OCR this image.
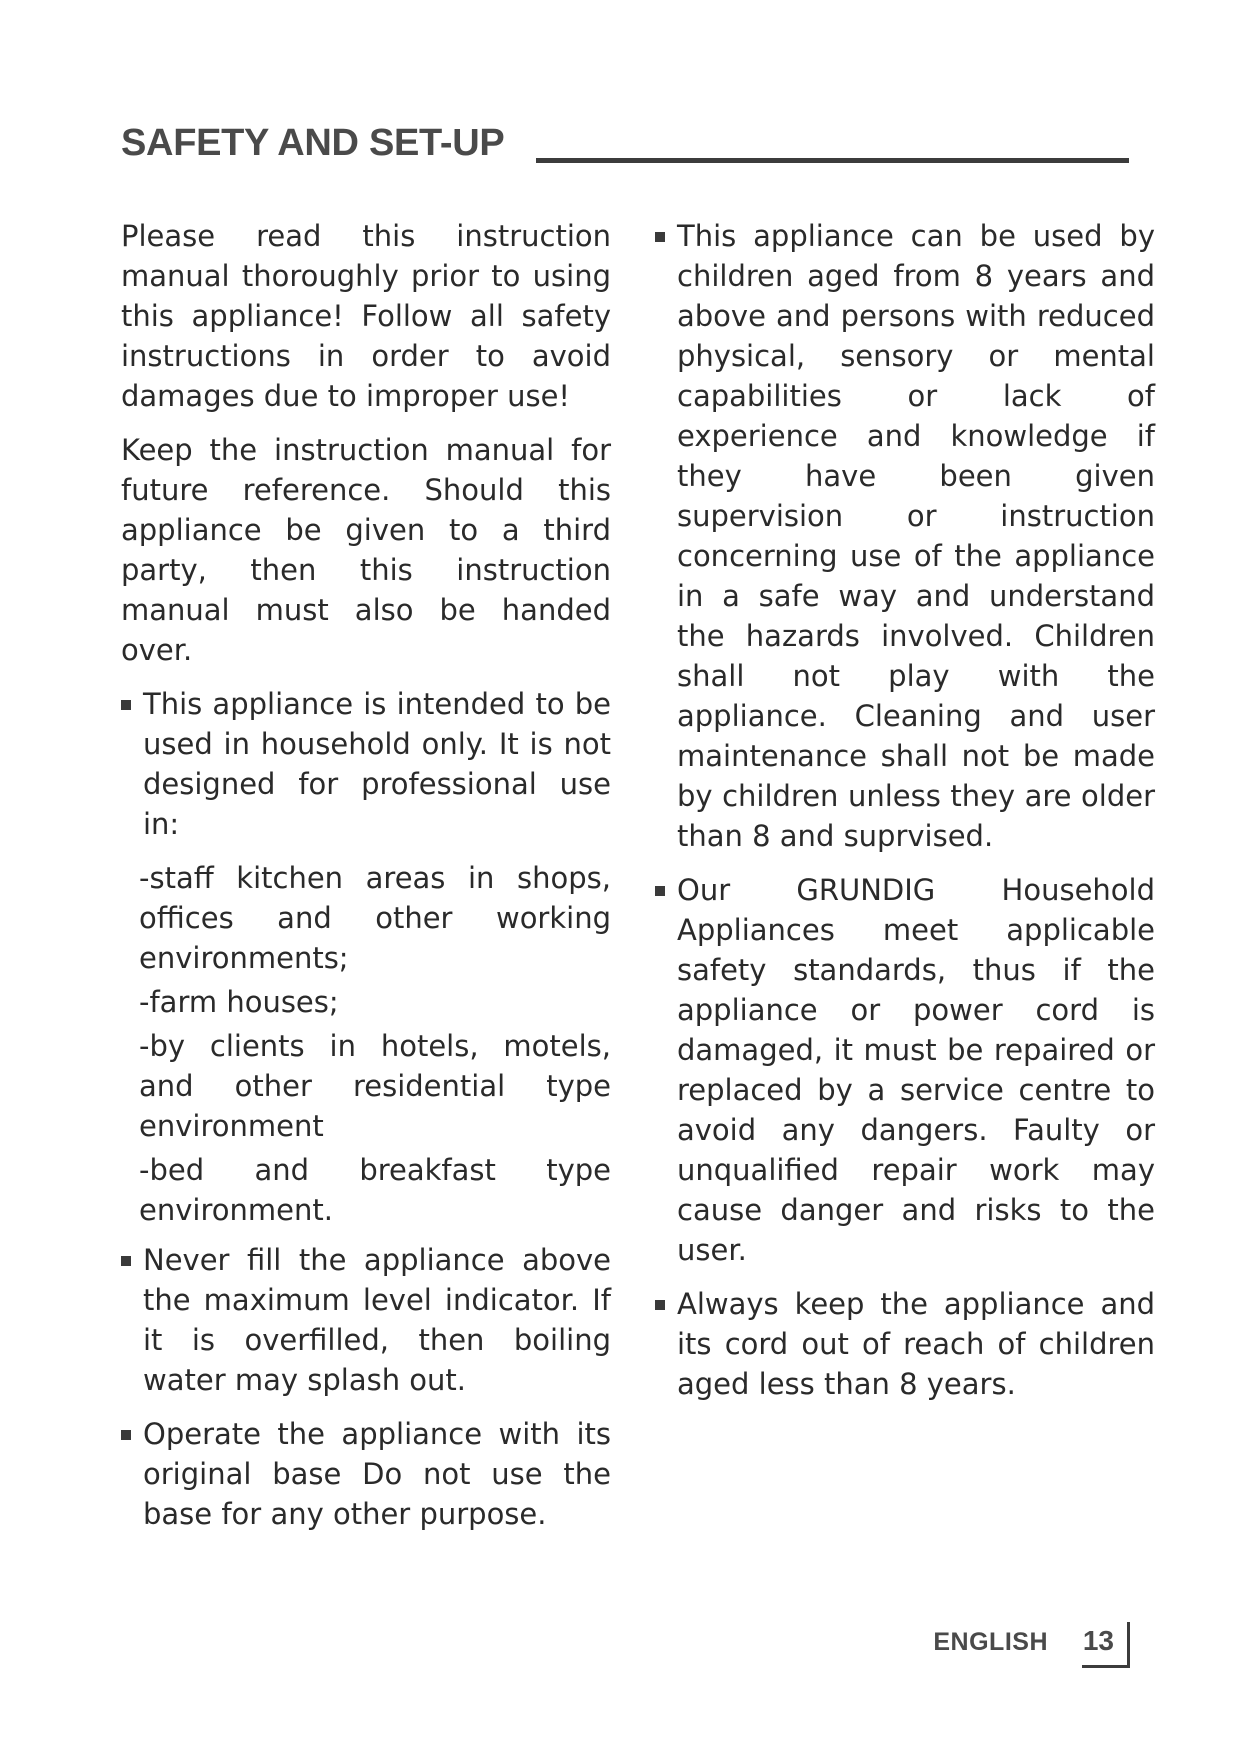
SAFETY AND SET-UP

Please read this instruction manual thoroughly prior to using this appliance! Follow all safety instructions in order to avoid damages due to improper use!

Keep the instruction manual for future reference. Should this appliance be given to a third party, then this instruction manual must also be handed over.

This appliance is intended to be used in household only. It is not designed for professional use in:

-staff kitchen areas in shops, offices and other working environments;

-farm houses;

-by clients in hotels, motels, and other residential type environment

-bed and breakfast type environment.

Never fill the appliance above the maximum level indicator. If it is overfilled, then boiling water may splash out.
Operate the appliance with its original base Do not use the base for any other purpose.
This appliance can be used by children aged from 8 years and above and persons with reduced physical, sensory or mental capabilities or lack of experience and knowledge if they have been given supervision or instruction concerning use of the appliance in a safe way and understand the hazards involved. Children shall not play with the appliance. Cleaning and user maintenance shall not be made by children unless they are older than 8 and suprvised.
Our GRUNDIG Household Appliances meet applicable safety standards, thus if the appliance or power cord is damaged, it must be repaired or replaced by a service centre to avoid any dangers. Faulty or unqualified repair work may cause danger and risks to the user.
Always keep the appliance and its cord out of reach of children aged less than 8 years.
ENGLISH 13
